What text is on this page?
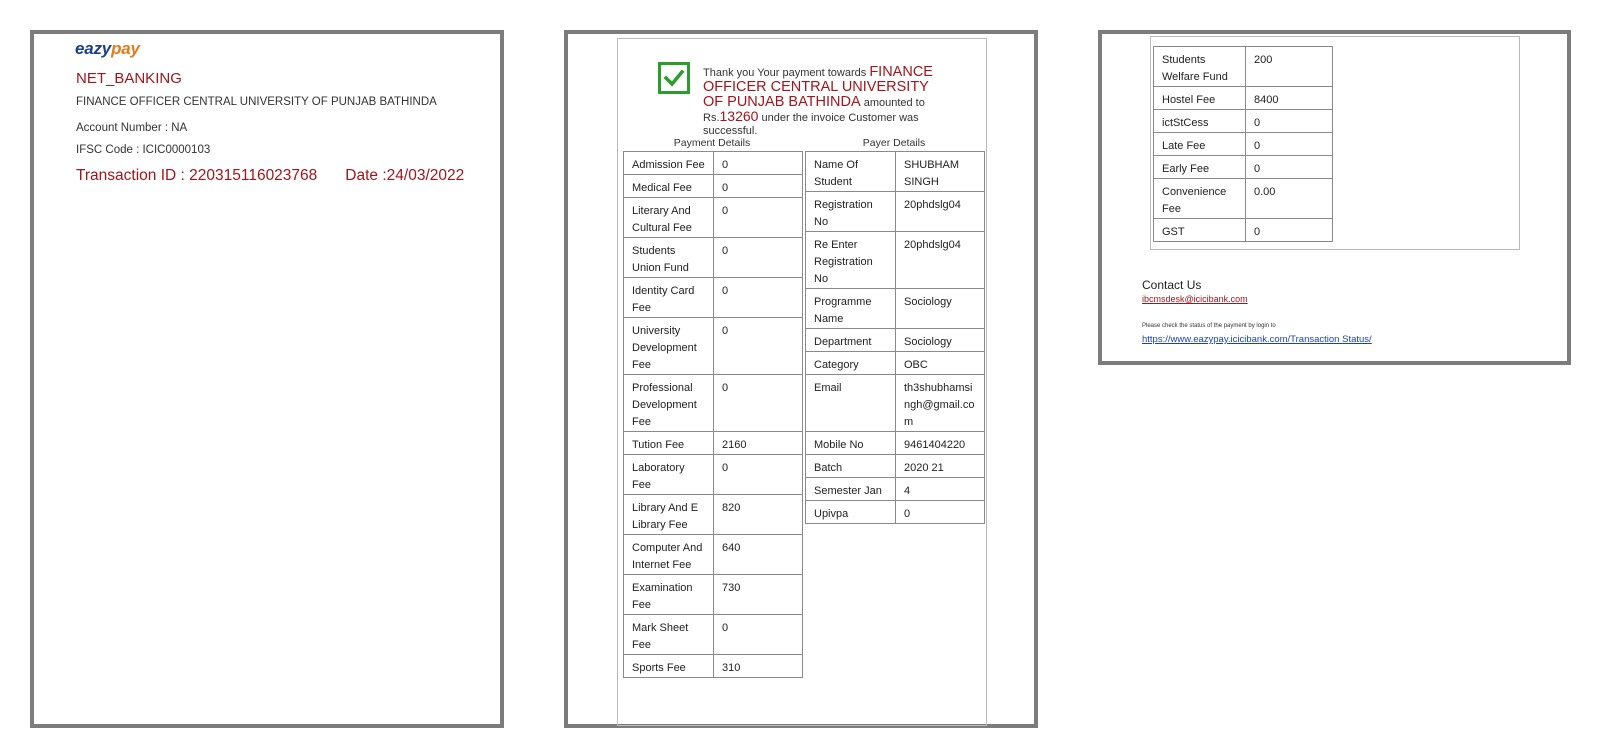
eazypay
NET_BANKING
FINANCE OFFICER CENTRAL UNIVERSITY OF PUNJAB BATHINDA
Account Number : NA
IFSC Code : ICIC0000103
Transaction ID : 220315116023768 Date :24/03/2022
Thank you Your payment towards FINANCE OFFICER CENTRAL UNIVERSITY OF PUNJAB BATHINDA amounted to Rs.13260 under the invoice Customer was successful.
Payment Details	Payer Details
Admission Fee	0
Medical Fee	0
Literary And Cultural Fee	0
Students Union Fund	0
Identity Card Fee	0
University Development Fee	0
Professional Development Fee	0
Tution Fee	2160
Laboratory Fee	0
Library And E Library Fee	820
Computer And Internet Fee	640
Examination Fee	730
Mark Sheet Fee	0
Sports Fee	310
Name Of Student	SHUBHAM SINGH
Registration No	20phdslg04
Re Enter Registration No	20phdslg04
Programme Name	Sociology
Department	Sociology
Category	OBC
Email	th3shubhamsingh@gmail.com
Mobile No	9461404220
Batch	2020 21
Semester Jan	4
Upivpa	0
Students Welfare Fund	200
Hostel Fee	8400
ictStCess	0
Late Fee	0
Early Fee	0
Convenience Fee	0.00
GST	0
Contact Us
ibcmsdesk@icicibank.com
Please check the status of the payment by login to
https://www.eazypay.icicibank.com/Transaction Status/
